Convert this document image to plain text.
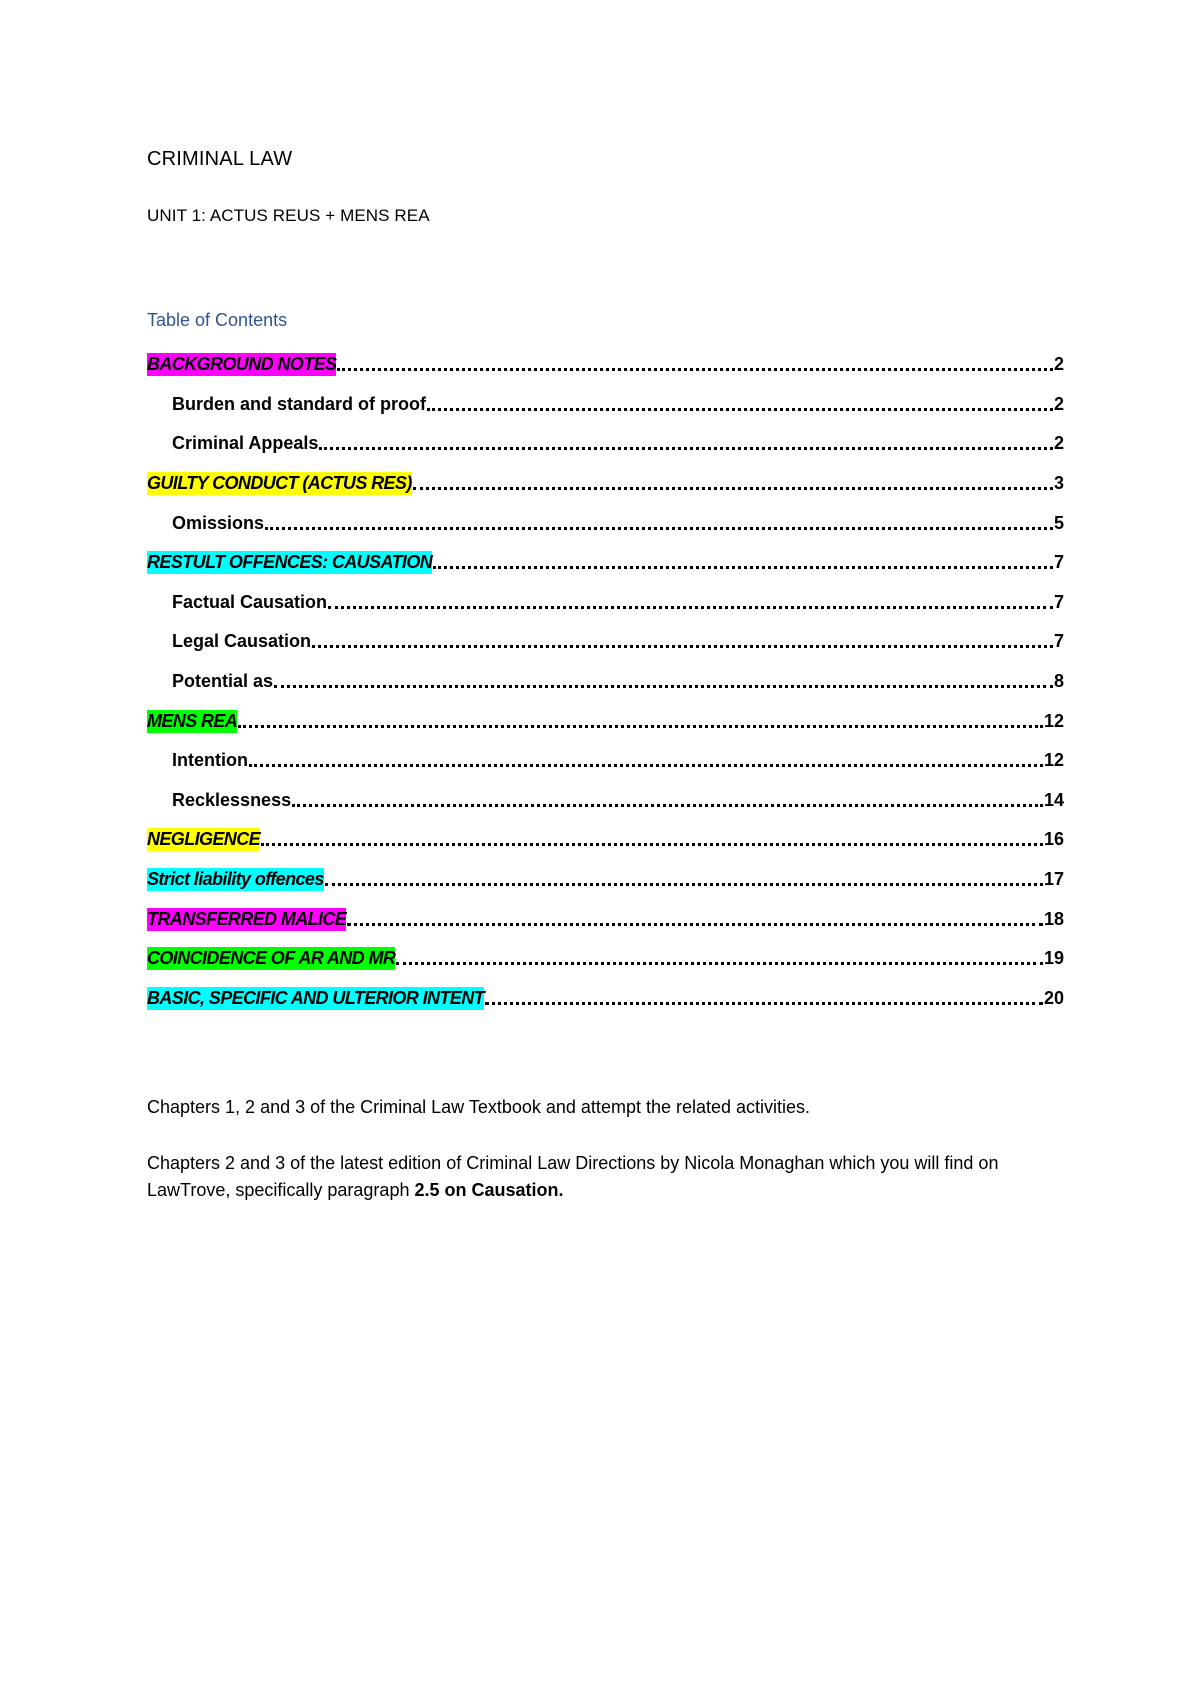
CRIMINAL LAW
UNIT 1: ACTUS REUS + MENS REA
Table of Contents
BACKGROUND NOTES	2
Burden and standard of proof	2
Criminal Appeals	2
GUILTY CONDUCT (ACTUS RES)	3
Omissions	5
RESTULT OFFENCES: CAUSATION	7
Factual Causation	7
Legal Causation	7
Potential as	8
MENS REA	12
Intention	12
Recklessness	14
NEGLIGENCE	16
Strict liability offences	17
TRANSFERRED MALICE	18
COINCIDENCE OF AR AND MR	19
BASIC, SPECIFIC AND ULTERIOR INTENT	20

Chapters 1, 2 and 3 of the Criminal Law Textbook and attempt the related activities.

Chapters 2 and 3 of the latest edition of Criminal Law Directions by Nicola Monaghan which you will find on LawTrove, specifically paragraph 2.5 on Causation.
